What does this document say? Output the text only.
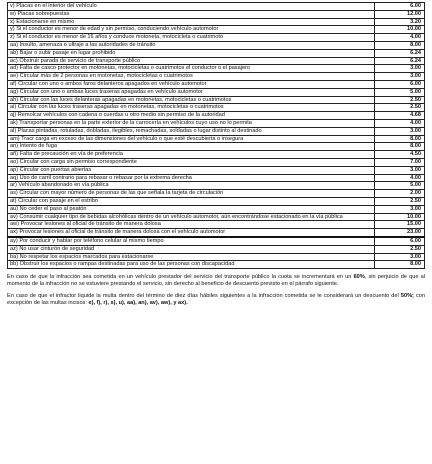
v) Placas en el interior del vehículo	6.00
w) Placas sobrepuestas	12.00
x) Estacionarse en mismo	3.20
y) Si el conductor es menor de edad y sin permiso, conduciendo vehículo automotor	10.00
z) Si el conductor es menor de 16 años y conduce motoneta, motocicleta o cuatrimoto	4.00
aa) Insulto, amenaza o ultraje a las autoridades de tránsito	8.00
ab) Bajar o subir pasaje en lugar prohibido	6.24
ac) Obstruir parada de servicio de transporte público	6.24
ad) Falta de casco protector en motonetas, motocicletas o cuatrimotos el conductor o el pasajero	3.00
ae) Circular más de 2 personas en motonetas, motocicletas o cuatrimotos	3.00
af) Circular con uno o ambos faros delanteros apagados en vehículo automotor	6.00
ag) Circular con uno o ambas luces traseras apagadas en vehículo automotor	5.00
ah) Circular con las luces delanteras apagadas en motonetas, motocicletas o cuatrimotos	2.50
ai) Circular con las luces traseras apagadas en motonetas, motocicletas o cuatrimotos	2.50
aj) Remolcar vehículos con cadena o cuerdas u otro medio sin permiso de la autoridad	4.68
ak) Transportar personas en la parte exterior de la carrocería en vehículos cuyo uso no lo permita	4.00
al) Placas pintadas, rotuladas, dobladas, ilegibles, remachadas, soldadas o lugar distinto al destinado	3.00
am) Tracr carga en exceso de las dimensiones del vehículo o que esté descubierta o insegura	8.00
an) Intento de fuga	8.00
añ) Falta de precaución en vía de preferencia	4.50
ao) Circular con carga sin permiso correspondiente	7.00
ap) Circular con puertas abiertas	3.00
aq) Uso de carril contrario para rebasar o rebasar por la extrema derecha	4.00
ar) Vehículo abandonado en vía pública	5.00
as) Circular con mayor número de personas de las que señala la tarjeta de circulación	2.00
at) Circular con pasaje en el estribo	2.50
au) No ceder el paso al peatón	3.00
av) Consumir cualquier tipo de bebidas alcohólicas dentro de un vehículo automotor, aún encontrándose estacionado en la vía pública	10.00
aw) Provocar lesiones al oficial de tránsito de manera dolosa	15.00
ax) Provocar lesiones al oficial de tránsito de manera dolosa con el vehículo automotor	23.00
ay) Por conducir y hablar por teléfono celular al mismo tiempo	6.00
az) No usar cinturón de seguridad	2.50
ba) No respetar los espacios marcados para estacionarse	3.00
bb) Obstruir los espacios o rampas destinadas para uso de las personas con discapacidad	8.00

En caso de que la infracción sea cometida en un vehículo prestador del servicio del transporte público la cuota se incrementará en un 60%, sin perjuicio de que al momento de la infracción no se estuviere prestando el servicio, sin derecho al beneficio de descuento previsto en el párrafo siguiente.

En caso de que el infractor liquide la multa dentro del término de diez días hábiles siguientes a la infracción cometida se le considerará un descuento del 50%; con excepción de las multas incisos: e), f), r), s), u), aa), an), av), aw), y ax).
